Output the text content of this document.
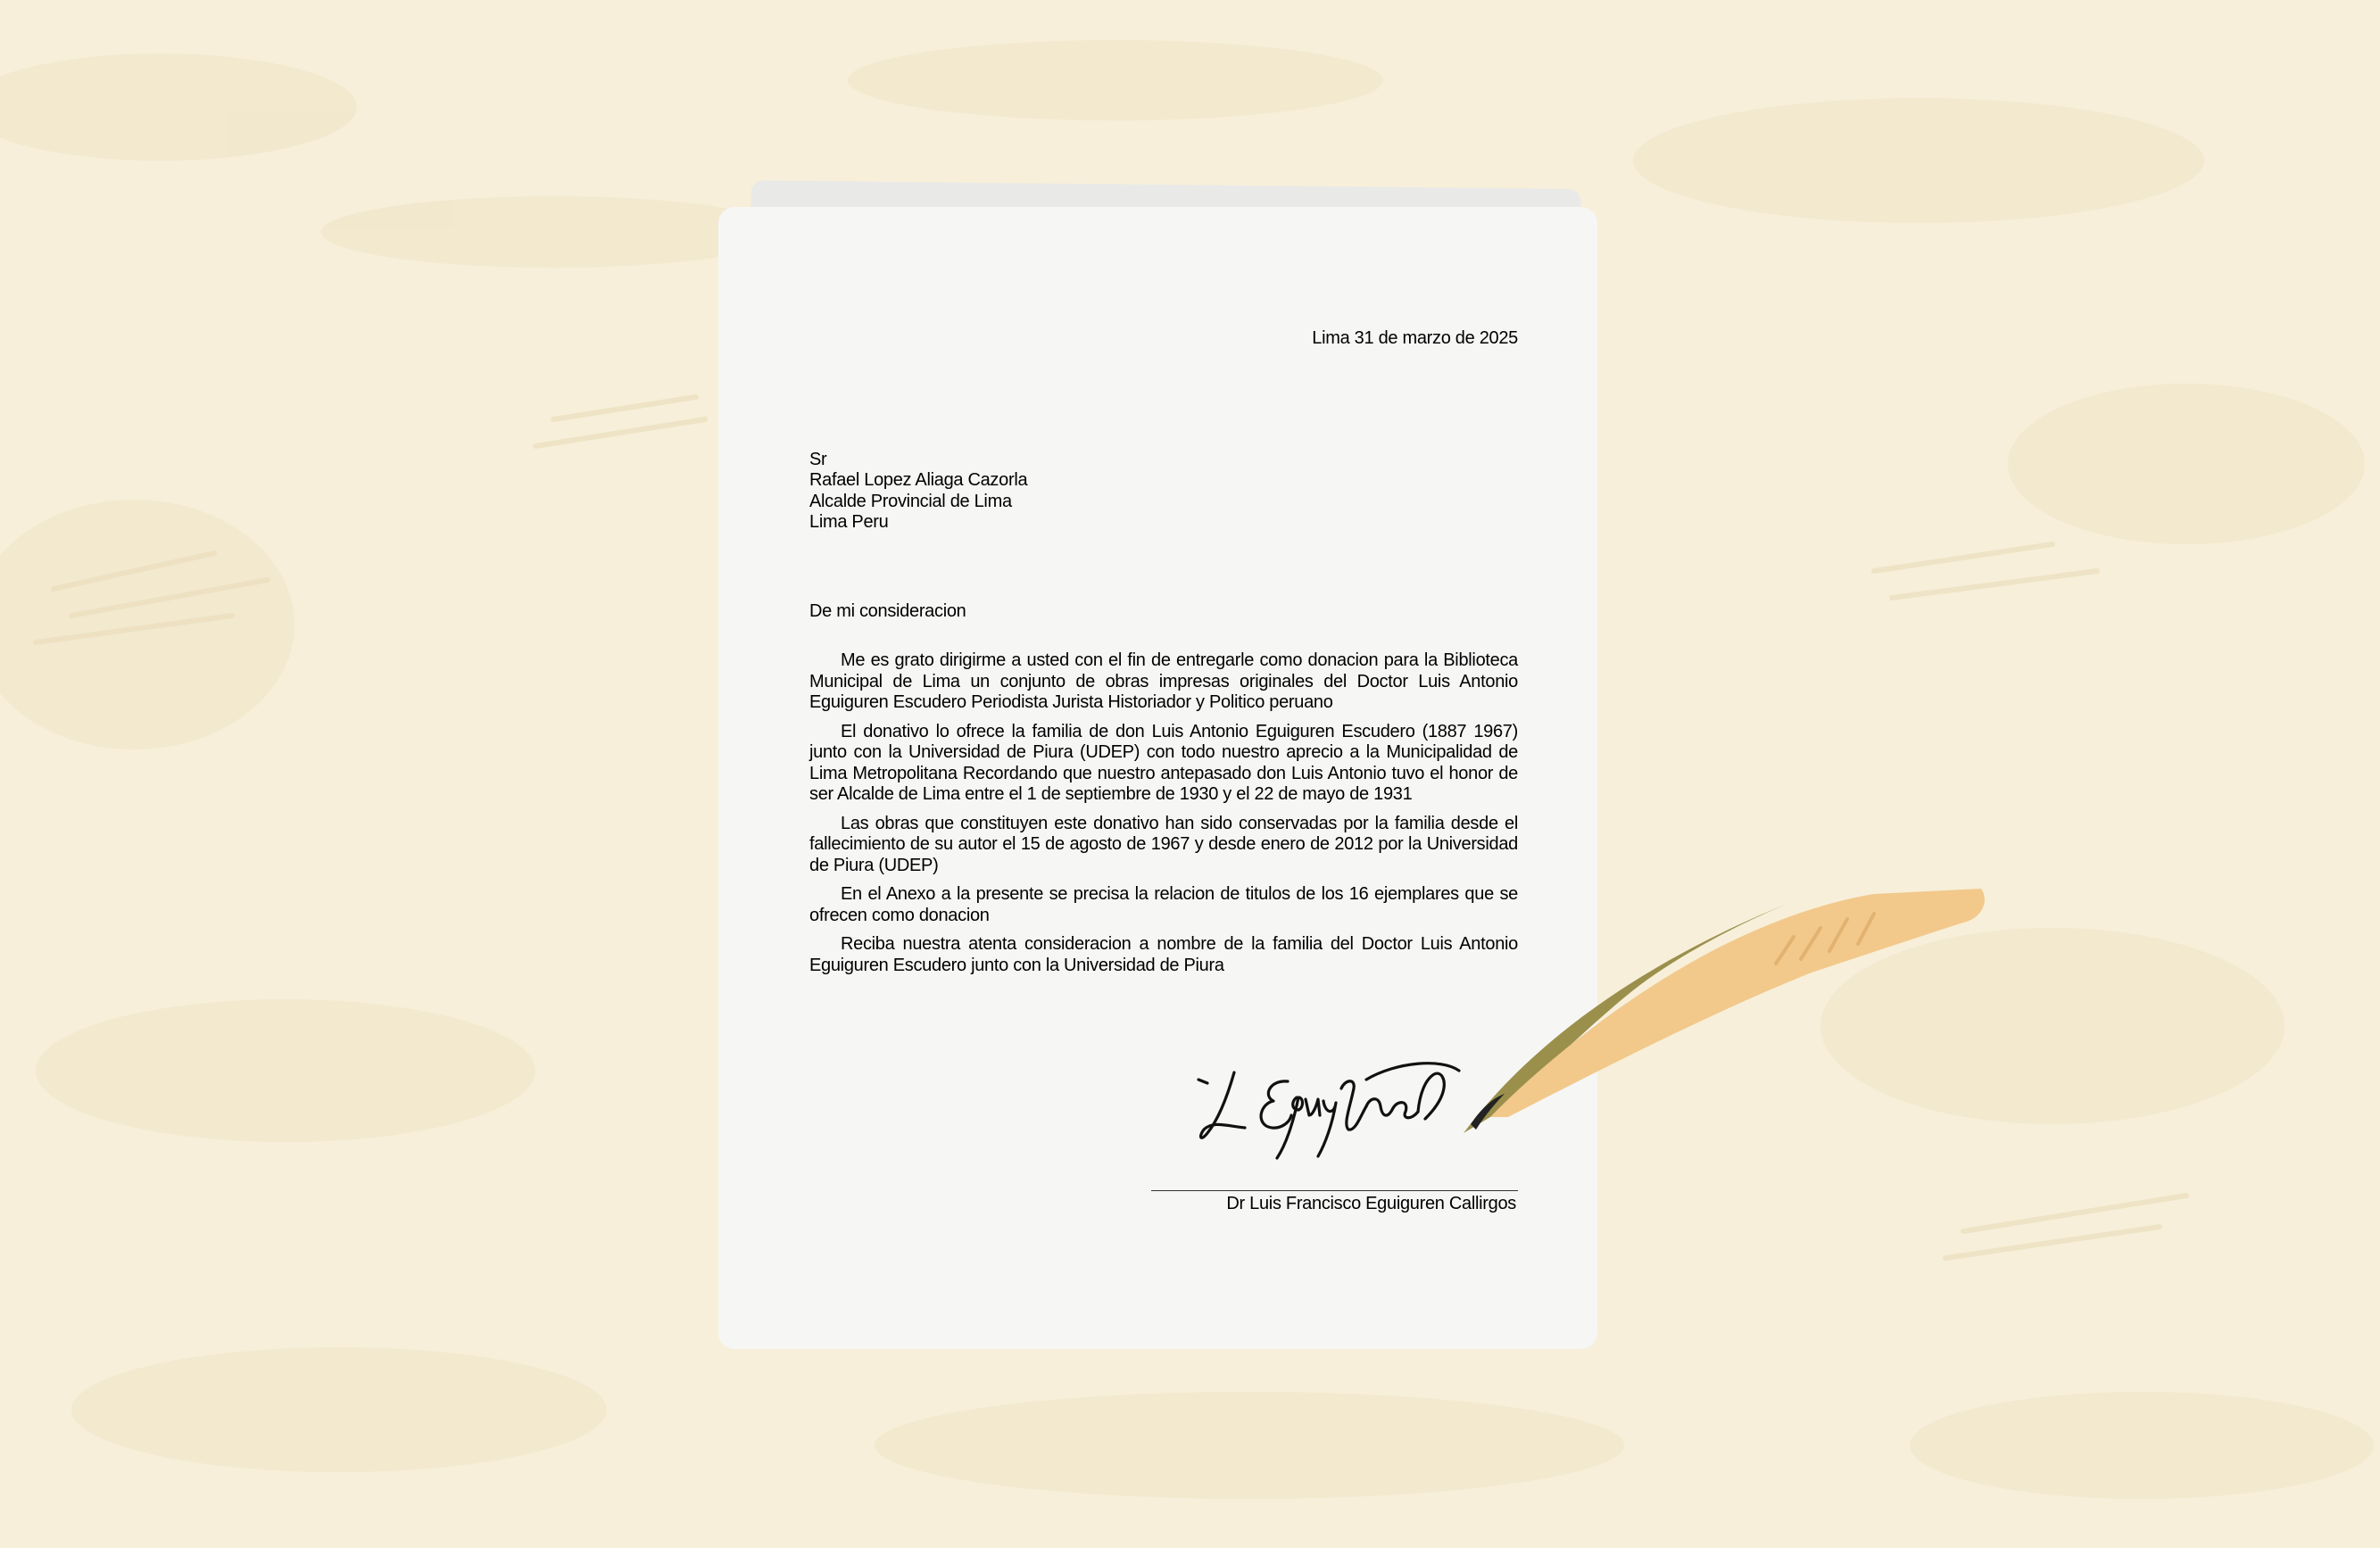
Lima 31 de marzo de 2025
Sr
Rafael Lopez Aliaga Cazorla
Alcalde Provincial de Lima
Lima Peru
De mi consideracion

Me es grato dirigirme a usted con el fin de entregarle como donacion para la Biblioteca Municipal de Lima un conjunto de obras impresas originales del Doctor Luis Antonio Eguiguren Escudero Periodista Jurista Historiador y Politico peruano

El donativo lo ofrece la familia de don Luis Antonio Eguiguren Escudero (1887 1967) junto con la Universidad de Piura (UDEP) con todo nuestro aprecio a la Municipalidad de Lima Metropolitana Recordando que nuestro antepasado don Luis Antonio tuvo el honor de ser Alcalde de Lima entre el 1 de septiembre de 1930 y el 22 de mayo de 1931

Las obras que constituyen este donativo han sido conservadas por la familia desde el fallecimiento de su autor el 15 de agosto de 1967 y desde enero de 2012 por la Universidad de Piura (UDEP)

En el Anexo a la presente se precisa la relacion de titulos de los 16 ejemplares que se ofrecen como donacion

Reciba nuestra atenta consideracion a nombre de la familia del Doctor Luis Antonio Eguiguren Escudero junto con la Universidad de Piura

Dr Luis Francisco Eguiguren Callirgos
